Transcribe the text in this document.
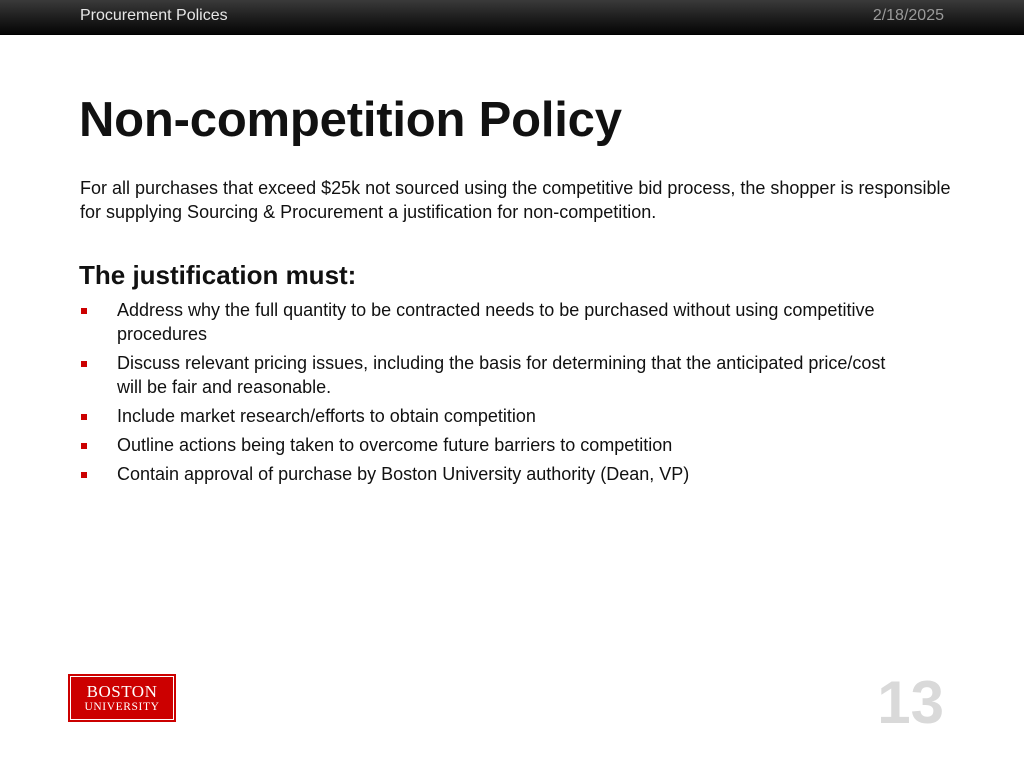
Procurement Polices	2/18/2025
Non-competition Policy

For all purchases that exceed $25k not sourced using the competitive bid process, the shopper is responsible for supplying Sourcing & Procurement a justification for non-competition.

The justification must:
Address why the full quantity to be contracted needs to be purchased without using competitive procedures
Discuss relevant pricing issues, including the basis for determining that the anticipated price/cost will be fair and reasonable.
Include market research/efforts to obtain competition
Outline actions being taken to overcome future barriers to competition
Contain approval of purchase by Boston University authority (Dean, VP)
BOSTON
UNIVERSITY	13
